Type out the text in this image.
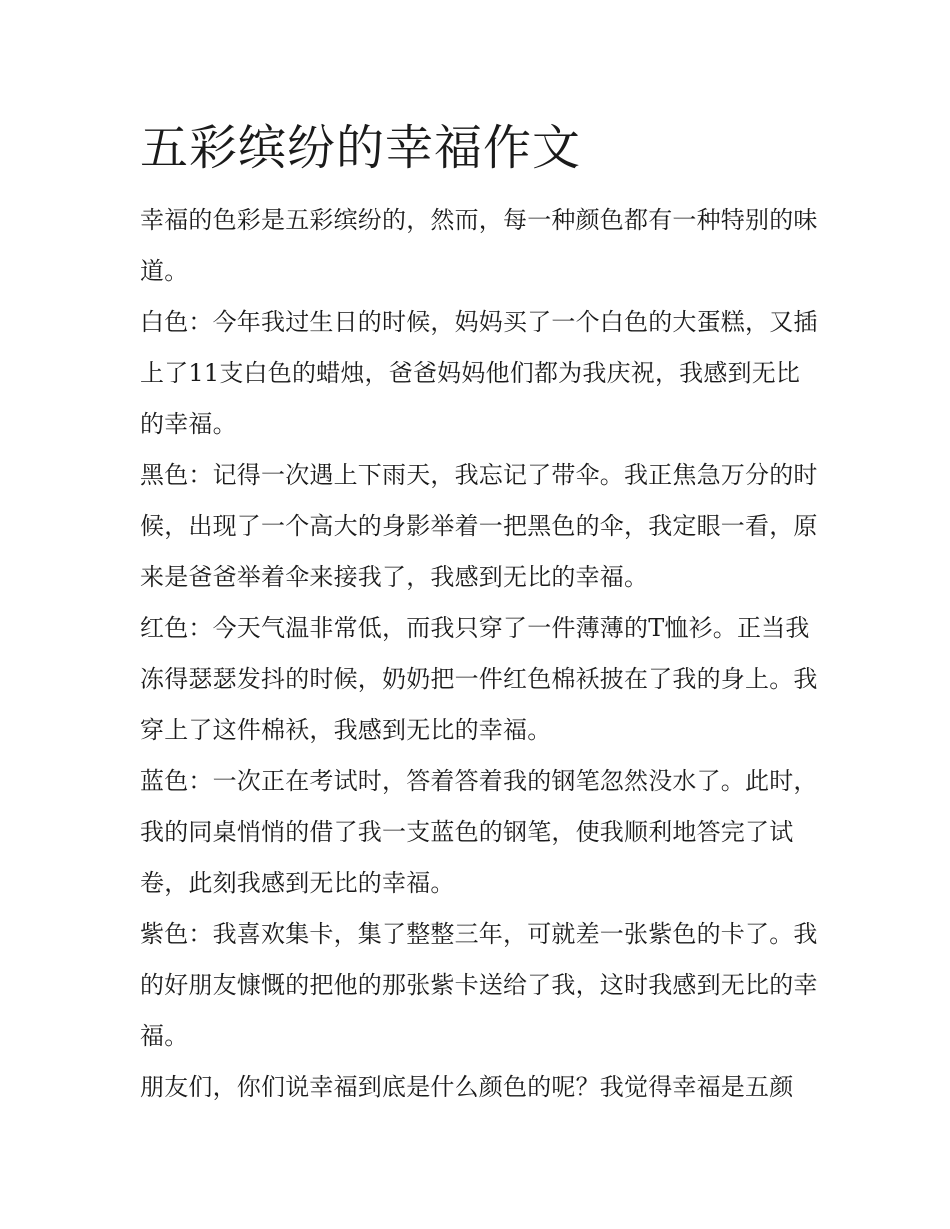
五彩缤纷的幸福作文

幸福的色彩是五彩缤纷的，然而，每一种颜色都有一种特别的味道。

白色：今年我过生日的时候，妈妈买了一个白色的大蛋糕，又插上了11支白色的蜡烛，爸爸妈妈他们都为我庆祝，我感到无比的幸福。

黑色：记得一次遇上下雨天，我忘记了带伞。我正焦急万分的时候，出现了一个高大的身影举着一把黑色的伞，我定眼一看，原来是爸爸举着伞来接我了，我感到无比的幸福。

红色：今天气温非常低，而我只穿了一件薄薄的T恤衫。正当我冻得瑟瑟发抖的时候，奶奶把一件红色棉袄披在了我的身上。我穿上了这件棉袄，我感到无比的幸福。

蓝色：一次正在考试时，答着答着我的钢笔忽然没水了。此时，我的同桌悄悄的借了我一支蓝色的钢笔，使我顺利地答完了试卷，此刻我感到无比的幸福。

紫色：我喜欢集卡，集了整整三年，可就差一张紫色的卡了。我的好朋友慷慨的把他的那张紫卡送给了我，这时我感到无比的幸福。

朋友们，你们说幸福到底是什么颜色的呢？我觉得幸福是五颜
